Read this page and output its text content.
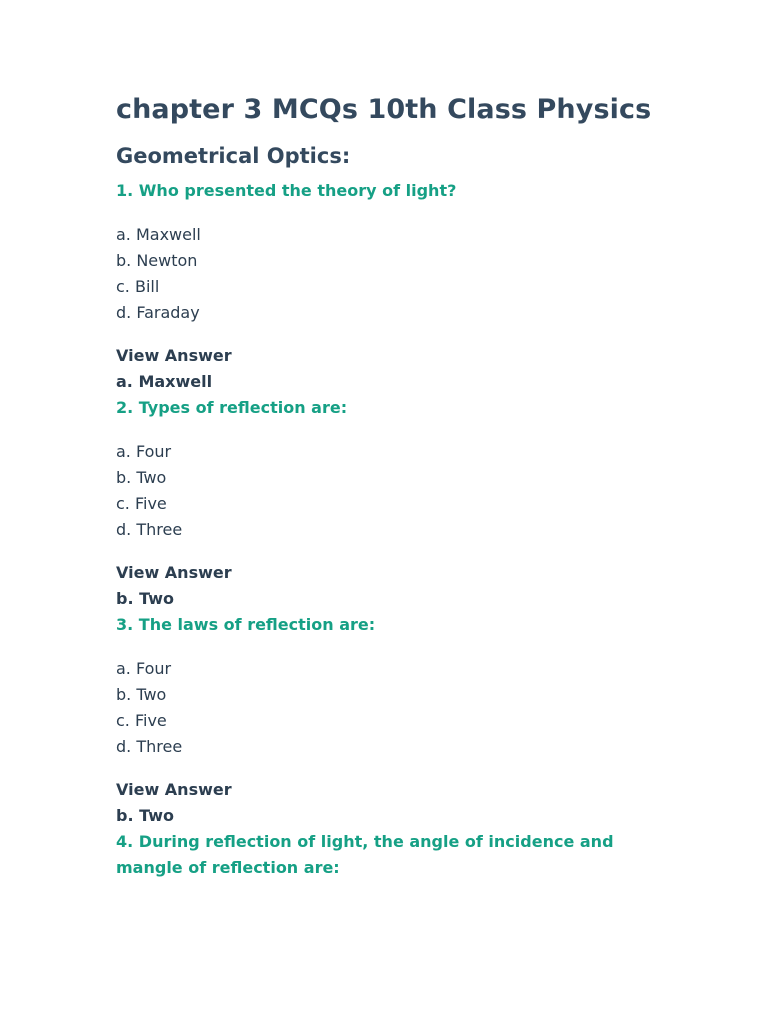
chapter 3 MCQs 10th Class Physics
Geometrical Optics:

1. Who presented the theory of light?

a. Maxwell
b. Newton
c. Bill
d. Faraday
View Answer
a. Maxwell

2. Types of reflection are:

a. Four
b. Two
c. Five
d. Three
View Answer
b. Two

3. The laws of reflection are:

a. Four
b. Two
c. Five
d. Three
View Answer
b. Two

4. During reflection of light, the angle of incidence and mangle of reflection are:
